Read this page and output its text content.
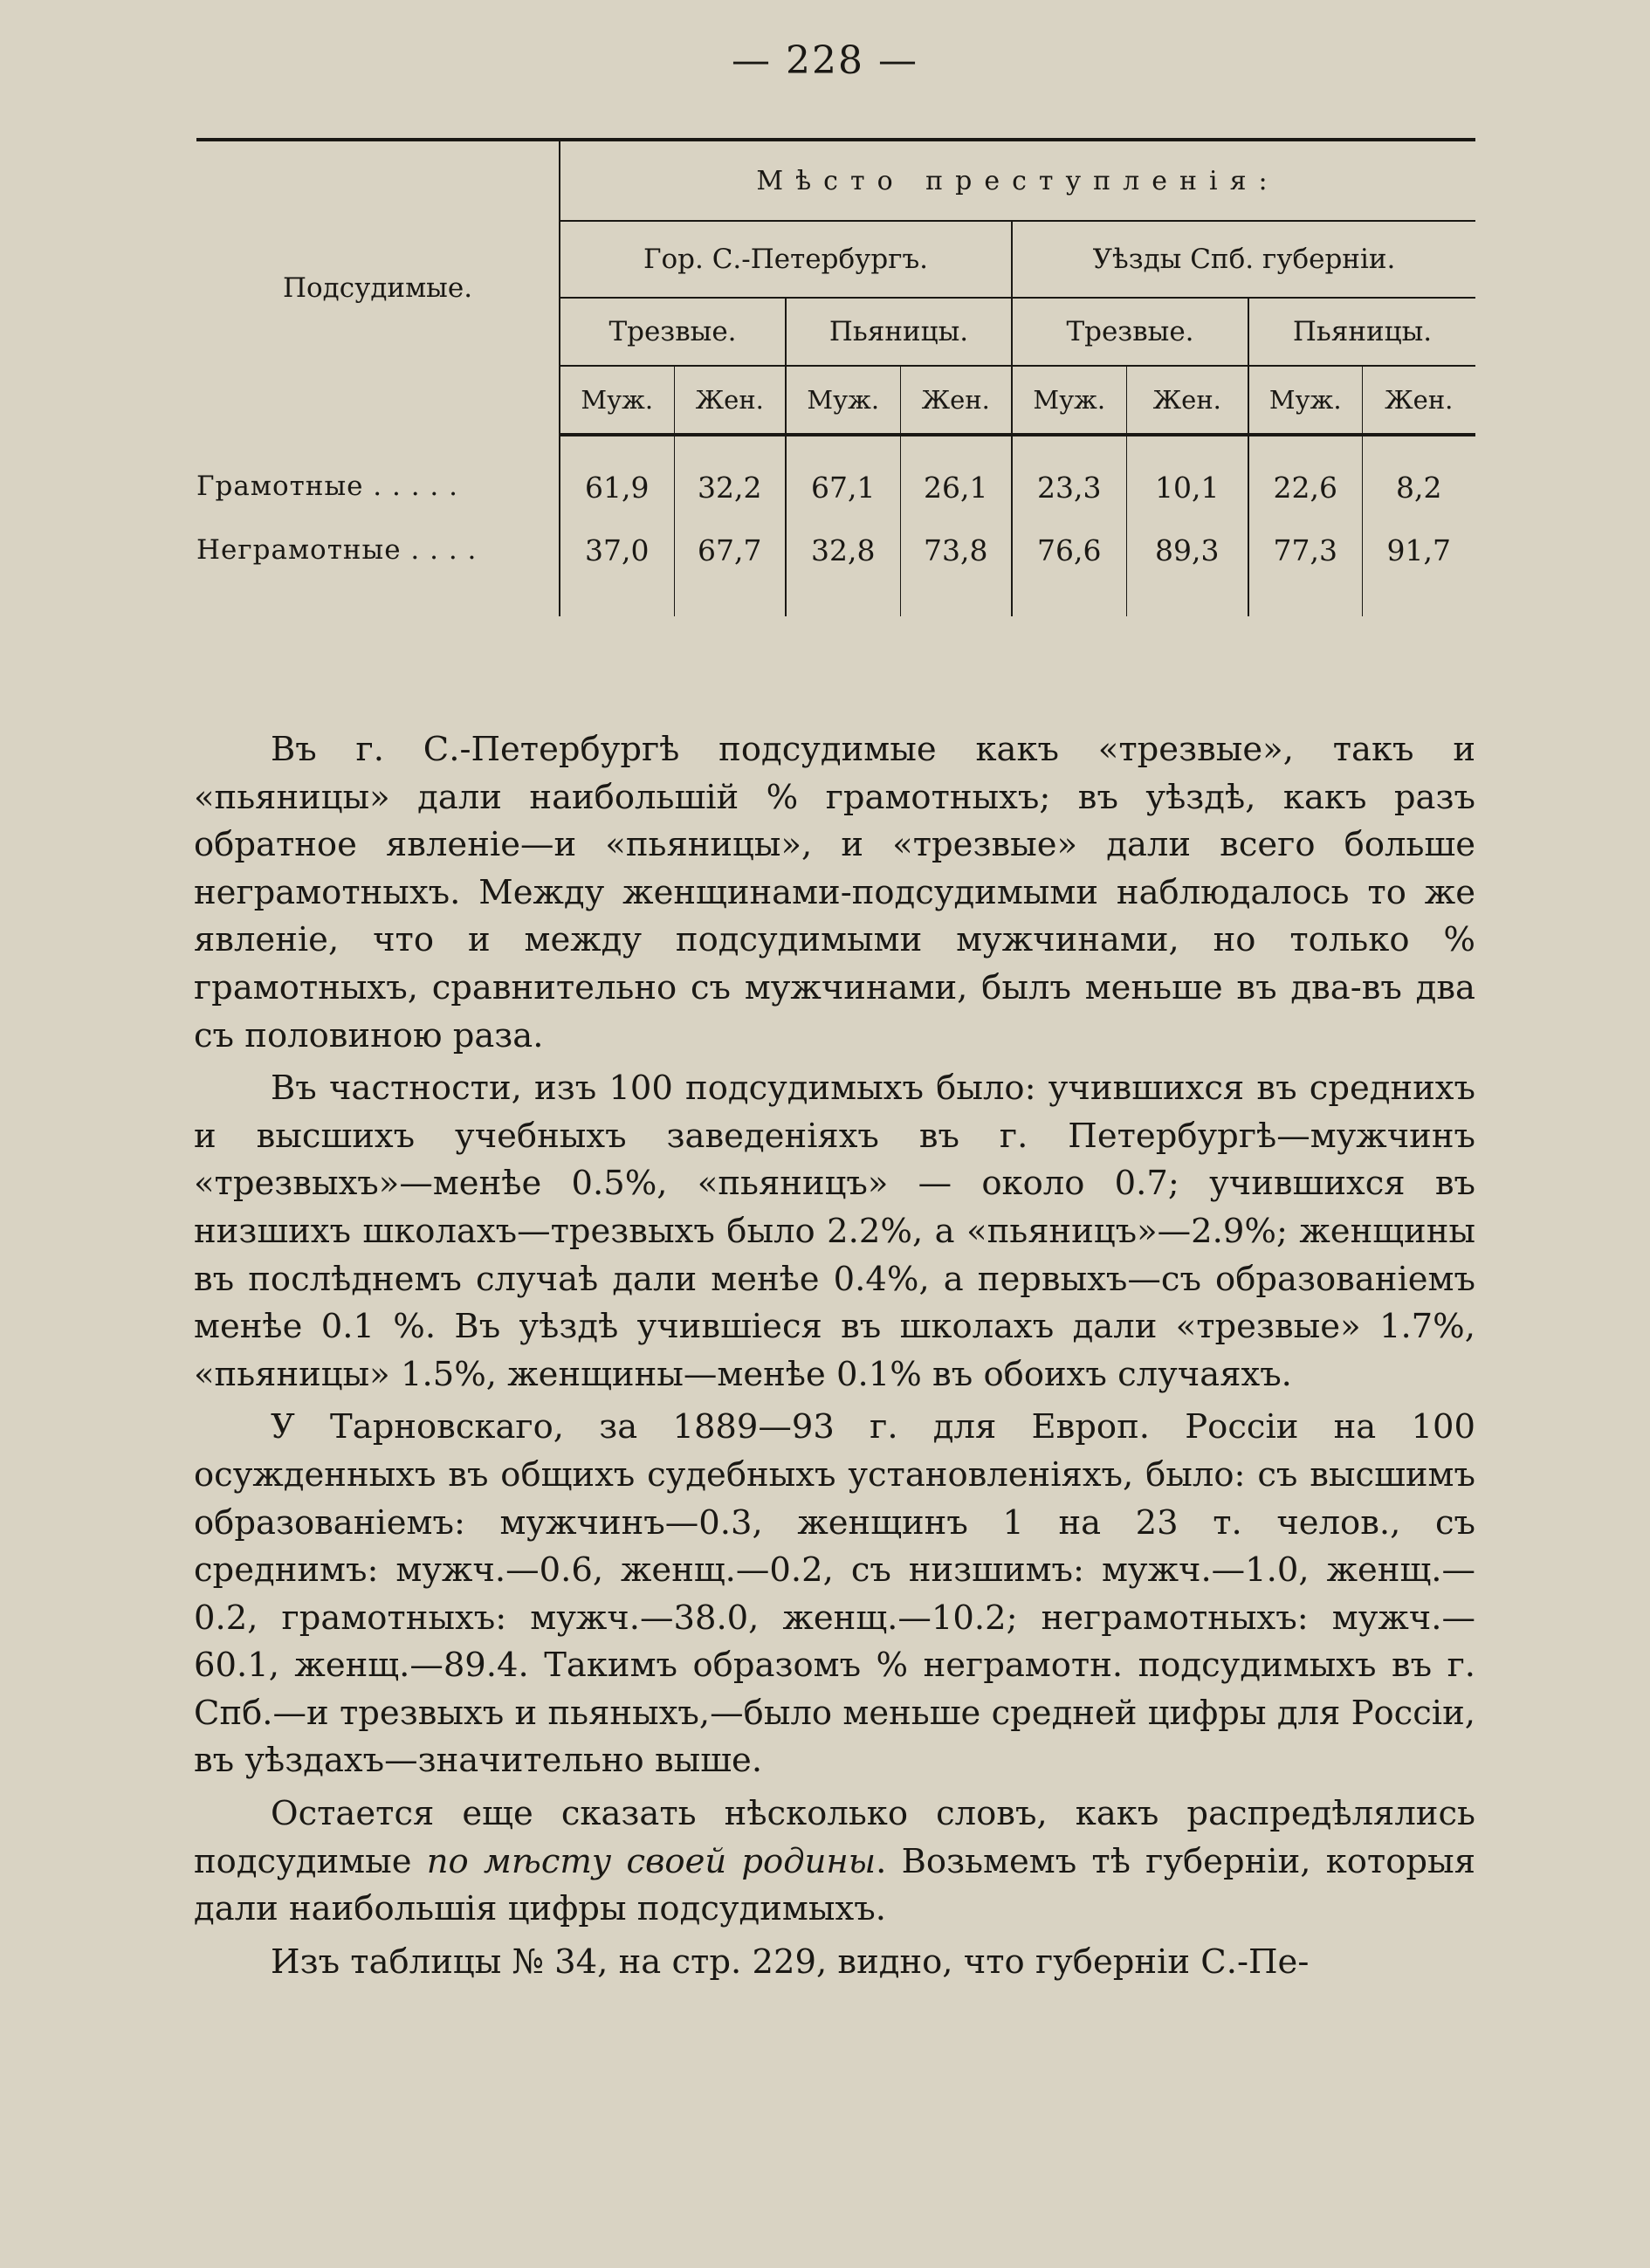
— 228 —
Подсудимые.	Мѣсто преступленія:							
	Гор. С.-Петербургъ.				Уѣзды Спб. губерніи.			
	Трезвые.		Пьяницы.		Трезвые.		Пьяницы.	
	Муж.	Жен.	Муж.	Жен.	Муж.	Жен.	Муж.	Жен.
Грамотные . . . . .	61,9	32,2	67,1	26,1	23,3	10,1	22,6	8,2
Неграмотные . . . .	37,0	67,7	32,8	73,8	76,6	89,3	77,3	91,7

Въ г. С.-Петербургѣ подсудимые какъ «трезвые», такъ и «пьяницы» дали наибольшій % грамотныхъ; въ уѣздѣ, какъ разъ обратное явленіе—и «пьяницы», и «трезвые» дали всего больше неграмотныхъ. Между женщинами-подсудимыми наблюдалось то же явленіе, что и между подсудимыми мужчинами, но только % грамотныхъ, сравнительно съ мужчинами, былъ меньше въ два-въ два съ половиною раза.

Въ частности, изъ 100 подсудимыхъ было: учившихся въ среднихъ и высшихъ учебныхъ заведеніяхъ въ г. Петербургѣ—мужчинъ «трезвыхъ»—менѣе 0.5%, «пьяницъ» — около 0.7; учившихся въ низшихъ школахъ—трезвыхъ было 2.2%, а «пьяницъ»—2.9%; женщины въ послѣднемъ случаѣ дали менѣе 0.4%, а первыхъ—съ образованіемъ менѣе 0.1 %. Въ уѣздѣ учившіеся въ школахъ дали «трезвые» 1.7%, «пьяницы» 1.5%, женщины—менѣе 0.1% въ обоихъ случаяхъ.

У Тарновскаго, за 1889—93 г. для Европ. Россіи на 100 осужденныхъ въ общихъ судебныхъ установленіяхъ, было: съ высшимъ образованіемъ: мужчинъ—0.3, женщинъ 1 на 23 т. челов., съ среднимъ: мужч.—0.6, женщ.—0.2, съ низшимъ: мужч.—1.0, женщ.—0.2, грамотныхъ: мужч.—38.0, женщ.—10.2; неграмотныхъ: мужч.—60.1, женщ.—89.4. Такимъ образомъ % неграмотн. подсудимыхъ въ г. Спб.—и трезвыхъ и пьяныхъ,—было меньше средней цифры для Россіи, въ уѣздахъ—значительно выше.

Остается еще сказать нѣсколько словъ, какъ распредѣлялись подсудимые по мѣсту своей родины. Возьмемъ тѣ губерніи, которыя дали наибольшія цифры подсудимыхъ.

Изъ таблицы № 34, на стр. 229, видно, что губерніи С.-Пе-
